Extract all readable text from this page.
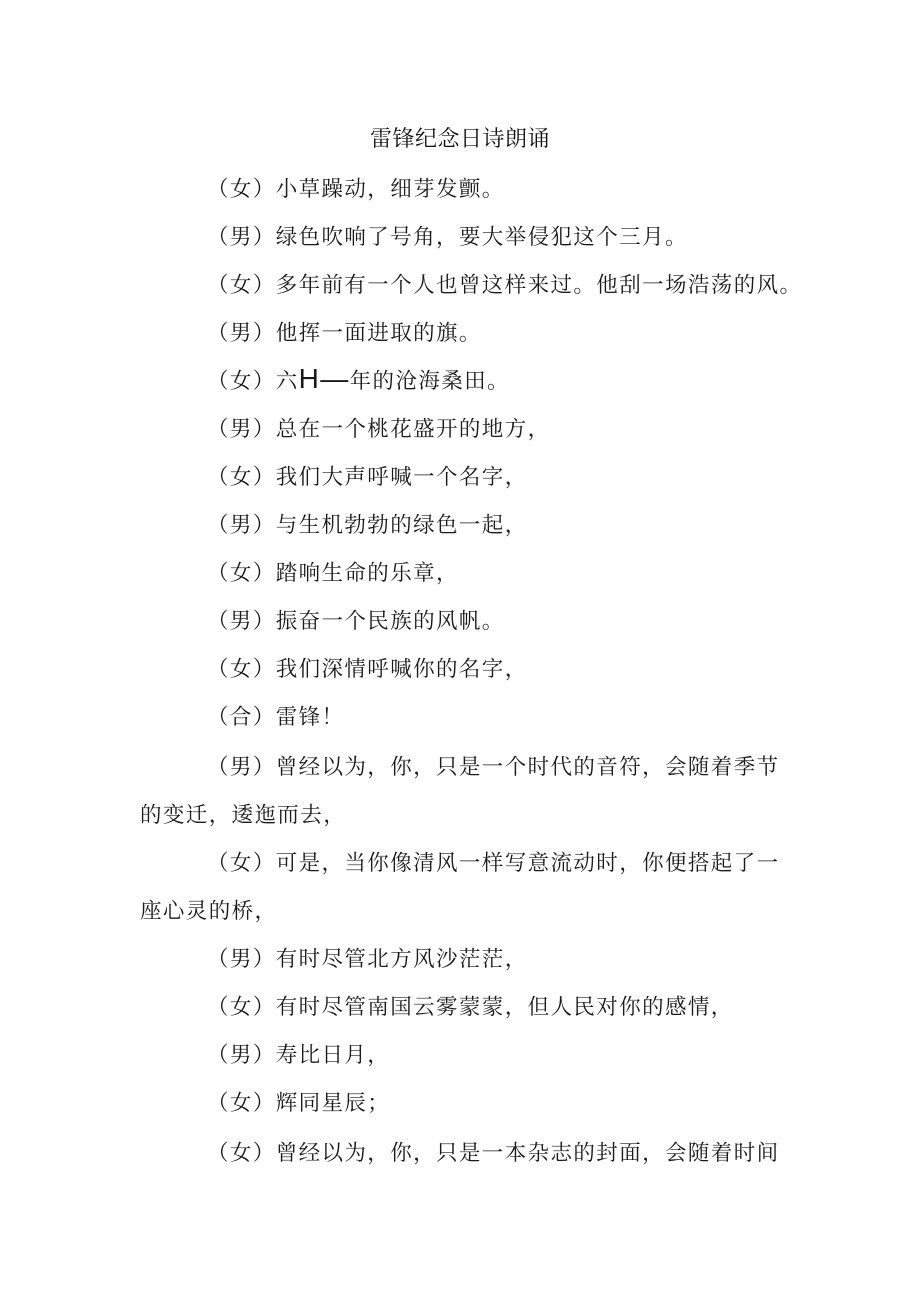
雷锋纪念日诗朗诵
（女）小草躁动，细芽发颤。
（男）绿色吹响了号角，要大举侵犯这个三月。
（女）多年前有一个人也曾这样来过。他刮一场浩荡的风。
（男）他挥一面进取的旗。
（女）六H—年的沧海桑田。
（男）总在一个桃花盛开的地方，
（女）我们大声呼喊一个名字，
（男）与生机勃勃的绿色一起，
（女）踏响生命的乐章，
（男）振奋一个民族的风帆。
（女）我们深情呼喊你的名字，
（合）雷锋！
（男）曾经以为，你，只是一个时代的音符，会随着季节
的变迁，逶迤而去，
（女）可是，当你像清风一样写意流动时，你便搭起了一
座心灵的桥，
（男）有时尽管北方风沙茫茫，
（女）有时尽管南国云雾蒙蒙，但人民对你的感情，
（男）寿比日月，
（女）辉同星辰；
（女）曾经以为，你，只是一本杂志的封面，会随着时间
